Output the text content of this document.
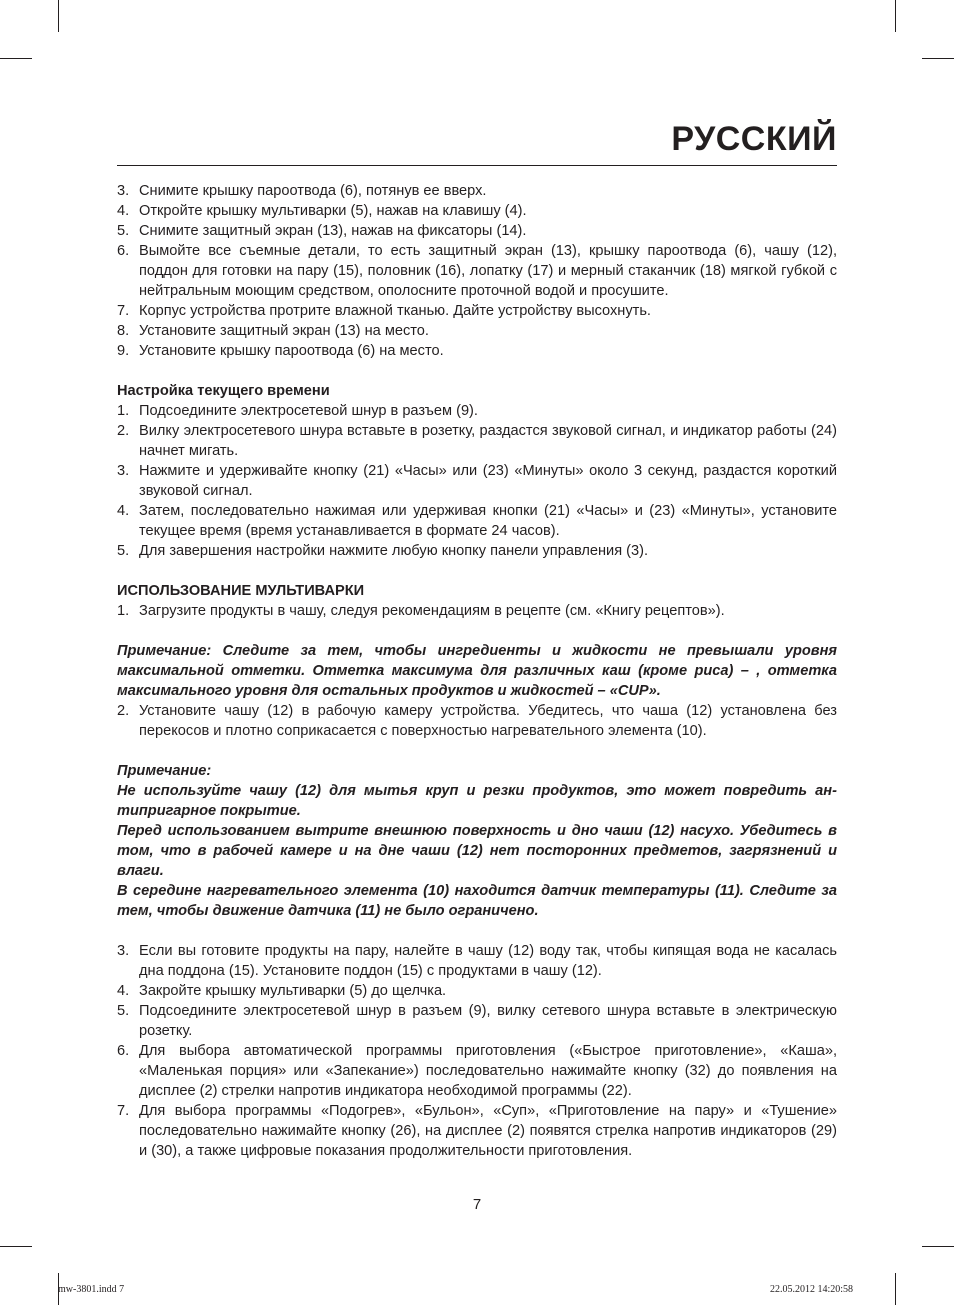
РУССКИЙ
3. Снимите крышку пароотвода (6), потянув ее вверх.
4. Откройте крышку мультиварки (5), нажав на клавишу (4).
5. Снимите защитный экран (13), нажав на фиксаторы (14).
6. Вымойте все съемные детали, то есть защитный экран (13), крышку пароотвода (6), чашу (12), поддон для готовки на пару (15), половник (16), лопатку (17) и мерный стаканчик (18) мягкой губкой с нейтральным моющим средством, ополосните проточной водой и просушите.
7. Корпус устройства протрите влажной тканью. Дайте устройству высохнуть.
8. Установите защитный экран (13) на место.
9. Установите крышку пароотвода (6) на место.

Настройка текущего времени

1. Подсоедините электросетевой шнур в разъем (9).
2. Вилку электросетевого шнура вставьте в розетку, раздастся звуковой сигнал, и индикатор работы (24) начнет мигать.
3. Нажмите и удерживайте кнопку (21) «Часы» или (23) «Минуты» около 3 секунд, раздастся короткий звуковой сигнал.
4. Затем, последовательно нажимая или удерживая кнопки (21) «Часы» и (23) «Минуты», установите текущее время (время устанавливается в формате 24 часов).
5. Для завершения настройки нажмите любую кнопку панели управления (3).

ИСПОЛЬЗОВАНИЕ МУЛЬТИВАРКИ

1. Загрузите продукты в чашу, следуя рекомендациям в рецепте (см. «Книгу рецептов»).

Примечание: Следите за тем, чтобы ингредиенты и жидкости не превышали уровня максимальной отметки. Отметка максимума для различных каш (кроме риса) – , отметка максимального уровня для остальных продуктов и жидкостей – «CUP».

2. Установите чашу (12) в рабочую камеру устройства. Убедитесь, что чаша (12) установлена без перекосов и плотно соприкасается с поверхностью нагревательного элемента (10).

Примечание:

Не используйте чашу (12) для мытья круп и резки продуктов, это может повредить антипригарное покрытие.

Перед использованием вытрите внешнюю поверхность и дно чаши (12) насухо. Убедитесь в том, что в рабочей камере и на дне чаши (12) нет посторонних предметов, загрязнений и влаги.

В середине нагревательного элемента (10) находится датчик температуры (11). Следите за тем, чтобы движение датчика (11) не было ограничено.

3. Если вы готовите продукты на пару, налейте в чашу (12) воду так, чтобы кипящая вода не касалась дна поддона (15). Установите поддон (15) с продуктами в чашу (12).
4. Закройте крышку мультиварки (5) до щелчка.
5. Подсоедините электросетевой шнур в разъем (9), вилку сетевого шнура вставьте в электрическую розетку.
6. Для выбора автоматической программы приготовления («Быстрое приготовление», «Каша», «Маленькая порция» или «Запекание») последовательно нажимайте кнопку (32) до появления на дисплее (2) стрелки напротив индикатора необходимой программы (22).
7. Для выбора программы «Подогрев», «Бульон», «Суп», «Приготовление на пару» и «Тушение» последовательно нажимайте кнопку (26), на дисплее (2) появятся стрелка напротив индикаторов (29) и (30), а также цифровые показания продолжительности приготовления.
7
mw-3801.indd 7	22.05.2012 14:20:58
